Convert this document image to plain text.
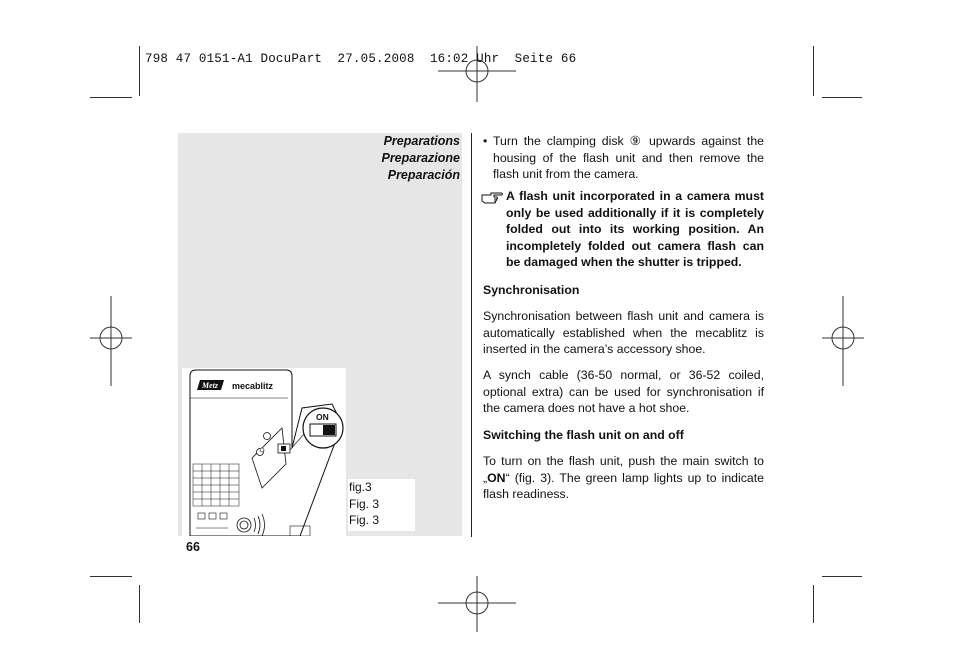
798 47 0151-A1 DocuPart  27.05.2008  16:02 Uhr  Seite 66
Preparations
Preparazione
Preparación
Metz mecablitz
ON
fig.3
Fig. 3
Fig. 3
66

• Turn the clamping disk ⑨ upwards against the housing of the flash unit and then remove the flash unit from the camera.

A flash unit incorporated in a camera must only be used additionally if it is completely folded out into its working position. An incompletely folded out camera flash can be damaged when the shutter is tripped.

Synchronisation

Synchronisation between flash unit and camera is automatically established when the mecablitz is inserted in the camera’s accessory shoe.

A synch cable (36-50 normal, or 36-52 coiled, optional extra) can be used for synchronisation if the camera does not have a hot shoe.

Switching the flash unit on and off

To turn on the flash unit, push the main switch to „ON“ (fig. 3). The green lamp lights up to indicate flash readiness.
